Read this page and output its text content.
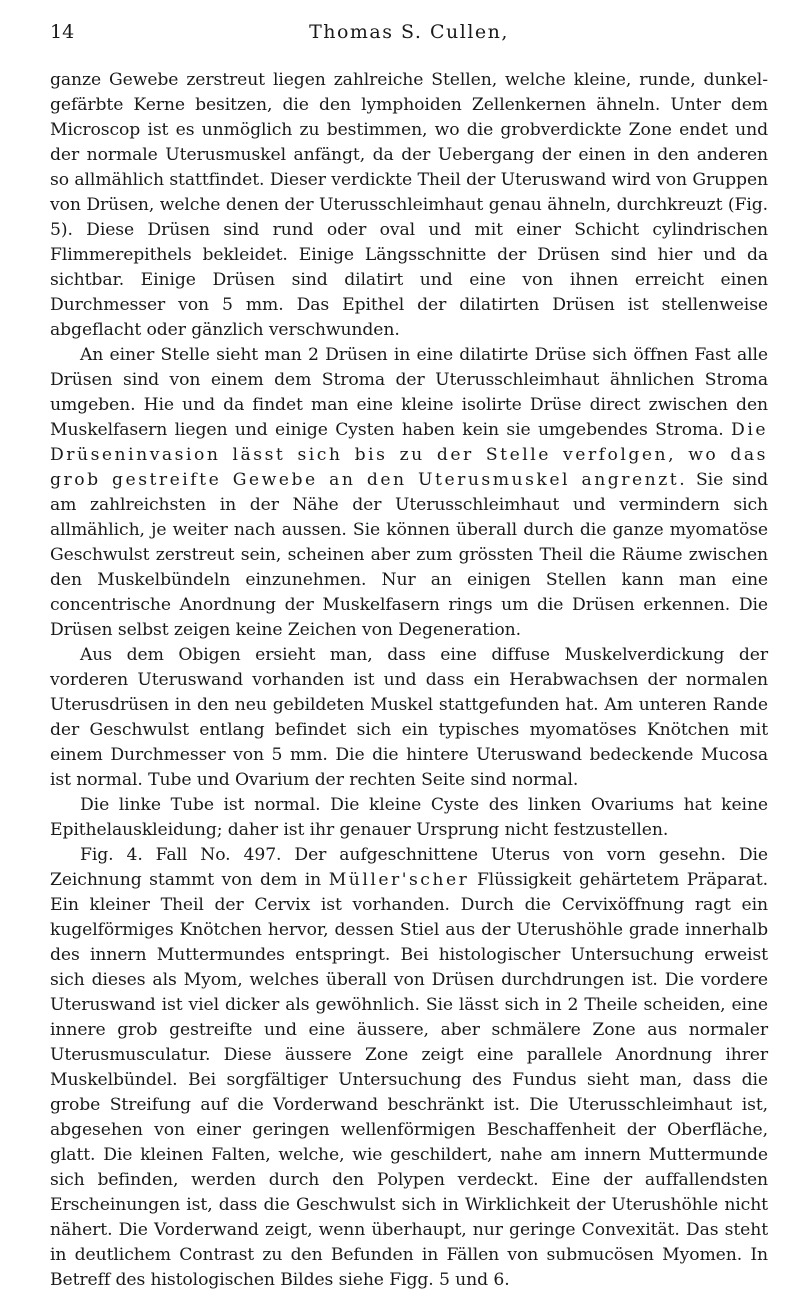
14	Thomas S. Cullen,

ganze Gewebe zerstreut liegen zahlreiche Stellen, welche kleine, runde, dunkelgefärbte Kerne besitzen, die den lymphoiden Zellenkernen ähneln. Unter dem Microscop ist es unmöglich zu bestimmen, wo die grobverdickte Zone endet und der normale Uterusmuskel anfängt, da der Uebergang der einen in den anderen so allmählich stattfindet. Dieser verdickte Theil der Uteruswand wird von Gruppen von Drüsen, welche denen der Uterusschleimhaut genau ähneln, durchkreuzt (Fig. 5). Diese Drüsen sind rund oder oval und mit einer Schicht cylindrischen Flimmerepithels bekleidet. Einige Längsschnitte der Drüsen sind hier und da sichtbar. Einige Drüsen sind dilatirt und eine von ihnen erreicht einen Durchmesser von 5 mm. Das Epithel der dilatirten Drüsen ist stellenweise abgeflacht oder gänzlich verschwunden.

An einer Stelle sieht man 2 Drüsen in eine dilatirte Drüse sich öffnen Fast alle Drüsen sind von einem dem Stroma der Uterusschleimhaut ähnlichen Stroma umgeben. Hie und da findet man eine kleine isolirte Drüse direct zwischen den Muskelfasern liegen und einige Cysten haben kein sie umgebendes Stroma. Die Drüseninvasion lässt sich bis zu der Stelle verfolgen, wo das grob gestreifte Gewebe an den Uterusmuskel angrenzt. Sie sind am zahlreichsten in der Nähe der Uterusschleimhaut und vermindern sich allmählich, je weiter nach aussen. Sie können überall durch die ganze myomatöse Geschwulst zerstreut sein, scheinen aber zum grössten Theil die Räume zwischen den Muskelbündeln einzunehmen. Nur an einigen Stellen kann man eine concentrische Anordnung der Muskelfasern rings um die Drüsen erkennen. Die Drüsen selbst zeigen keine Zeichen von Degeneration.

Aus dem Obigen ersieht man, dass eine diffuse Muskelverdickung der vorderen Uteruswand vorhanden ist und dass ein Herabwachsen der normalen Uterusdrüsen in den neu gebildeten Muskel stattgefunden hat. Am unteren Rande der Geschwulst entlang befindet sich ein typisches myomatöses Knötchen mit einem Durchmesser von 5 mm. Die die hintere Uteruswand bedeckende Mucosa ist normal. Tube und Ovarium der rechten Seite sind normal.

Die linke Tube ist normal. Die kleine Cyste des linken Ovariums hat keine Epithelauskleidung; daher ist ihr genauer Ursprung nicht festzustellen.

Fig. 4. Fall No. 497. Der aufgeschnittene Uterus von vorn gesehn. Die Zeichnung stammt von dem in Müller'scher Flüssigkeit gehärtetem Präparat. Ein kleiner Theil der Cervix ist vorhanden. Durch die Cervixöffnung ragt ein kugelförmiges Knötchen hervor, dessen Stiel aus der Uterushöhle grade innerhalb des innern Muttermundes entspringt. Bei histologischer Untersuchung erweist sich dieses als Myom, welches überall von Drüsen durchdrungen ist. Die vordere Uteruswand ist viel dicker als gewöhnlich. Sie lässt sich in 2 Theile scheiden, eine innere grob gestreifte und eine äussere, aber schmälere Zone aus normaler Uterusmusculatur. Diese äussere Zone zeigt eine parallele Anordnung ihrer Muskelbündel. Bei sorgfältiger Untersuchung des Fundus sieht man, dass die grobe Streifung auf die Vorderwand beschränkt ist. Die Uterusschleimhaut ist, abgesehen von einer geringen wellenförmigen Beschaffenheit der Oberfläche, glatt. Die kleinen Falten, welche, wie geschildert, nahe am innern Muttermunde sich befinden, werden durch den Polypen verdeckt. Eine der auffallendsten Erscheinungen ist, dass die Geschwulst sich in Wirklichkeit der Uterushöhle nicht nähert. Die Vorderwand zeigt, wenn überhaupt, nur geringe Convexität. Das steht in deutlichem Contrast zu den Befunden in Fällen von submucösen Myomen. In Betreff des histologischen Bildes siehe Figg. 5 und 6.
